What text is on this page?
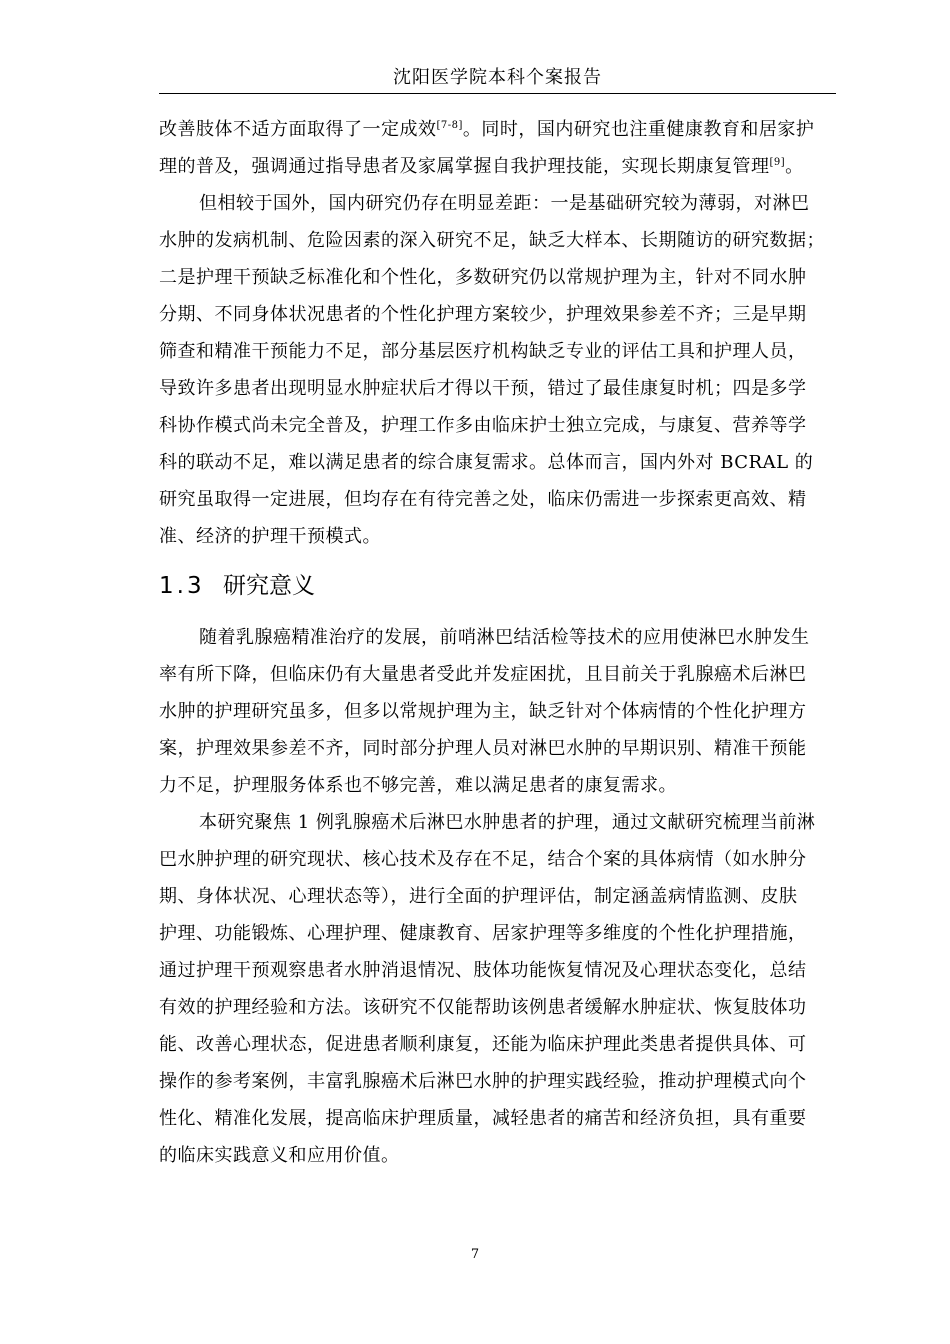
沈阳医学院本科个案报告

改善肢体不适方面取得了一定成效[7-8]。同时，国内研究也注重健康教育和居家护

理的普及，强调通过指导患者及家属掌握自我护理技能，实现长期康复管理[9]。

但相较于国外，国内研究仍存在明显差距：一是基础研究较为薄弱，对淋巴

水肿的发病机制、危险因素的深入研究不足，缺乏大样本、长期随访的研究数据；

二是护理干预缺乏标准化和个性化，多数研究仍以常规护理为主，针对不同水肿

分期、不同身体状况患者的个性化护理方案较少，护理效果参差不齐；三是早期

筛查和精准干预能力不足，部分基层医疗机构缺乏专业的评估工具和护理人员，

导致许多患者出现明显水肿症状后才得以干预，错过了最佳康复时机；四是多学

科协作模式尚未完全普及，护理工作多由临床护士独立完成，与康复、营养等学

科的联动不足，难以满足患者的综合康复需求。总体而言，国内外对 BCRAL 的

研究虽取得一定进展，但均存在有待完善之处，临床仍需进一步探索更高效、精

准、经济的护理干预模式。

1.3 研究意义

随着乳腺癌精准治疗的发展，前哨淋巴结活检等技术的应用使淋巴水肿发生

率有所下降，但临床仍有大量患者受此并发症困扰，且目前关于乳腺癌术后淋巴

水肿的护理研究虽多，但多以常规护理为主，缺乏针对个体病情的个性化护理方

案，护理效果参差不齐，同时部分护理人员对淋巴水肿的早期识别、精准干预能

力不足，护理服务体系也不够完善，难以满足患者的康复需求。

本研究聚焦 1 例乳腺癌术后淋巴水肿患者的护理，通过文献研究梳理当前淋

巴水肿护理的研究现状、核心技术及存在不足，结合个案的具体病情（如水肿分

期、身体状况、心理状态等），进行全面的护理评估，制定涵盖病情监测、皮肤

护理、功能锻炼、心理护理、健康教育、居家护理等多维度的个性化护理措施，

通过护理干预观察患者水肿消退情况、肢体功能恢复情况及心理状态变化，总结

有效的护理经验和方法。该研究不仅能帮助该例患者缓解水肿症状、恢复肢体功

能、改善心理状态，促进患者顺利康复，还能为临床护理此类患者提供具体、可

操作的参考案例，丰富乳腺癌术后淋巴水肿的护理实践经验，推动护理模式向个

性化、精准化发展，提高临床护理质量，减轻患者的痛苦和经济负担，具有重要

的临床实践意义和应用价值。

7
